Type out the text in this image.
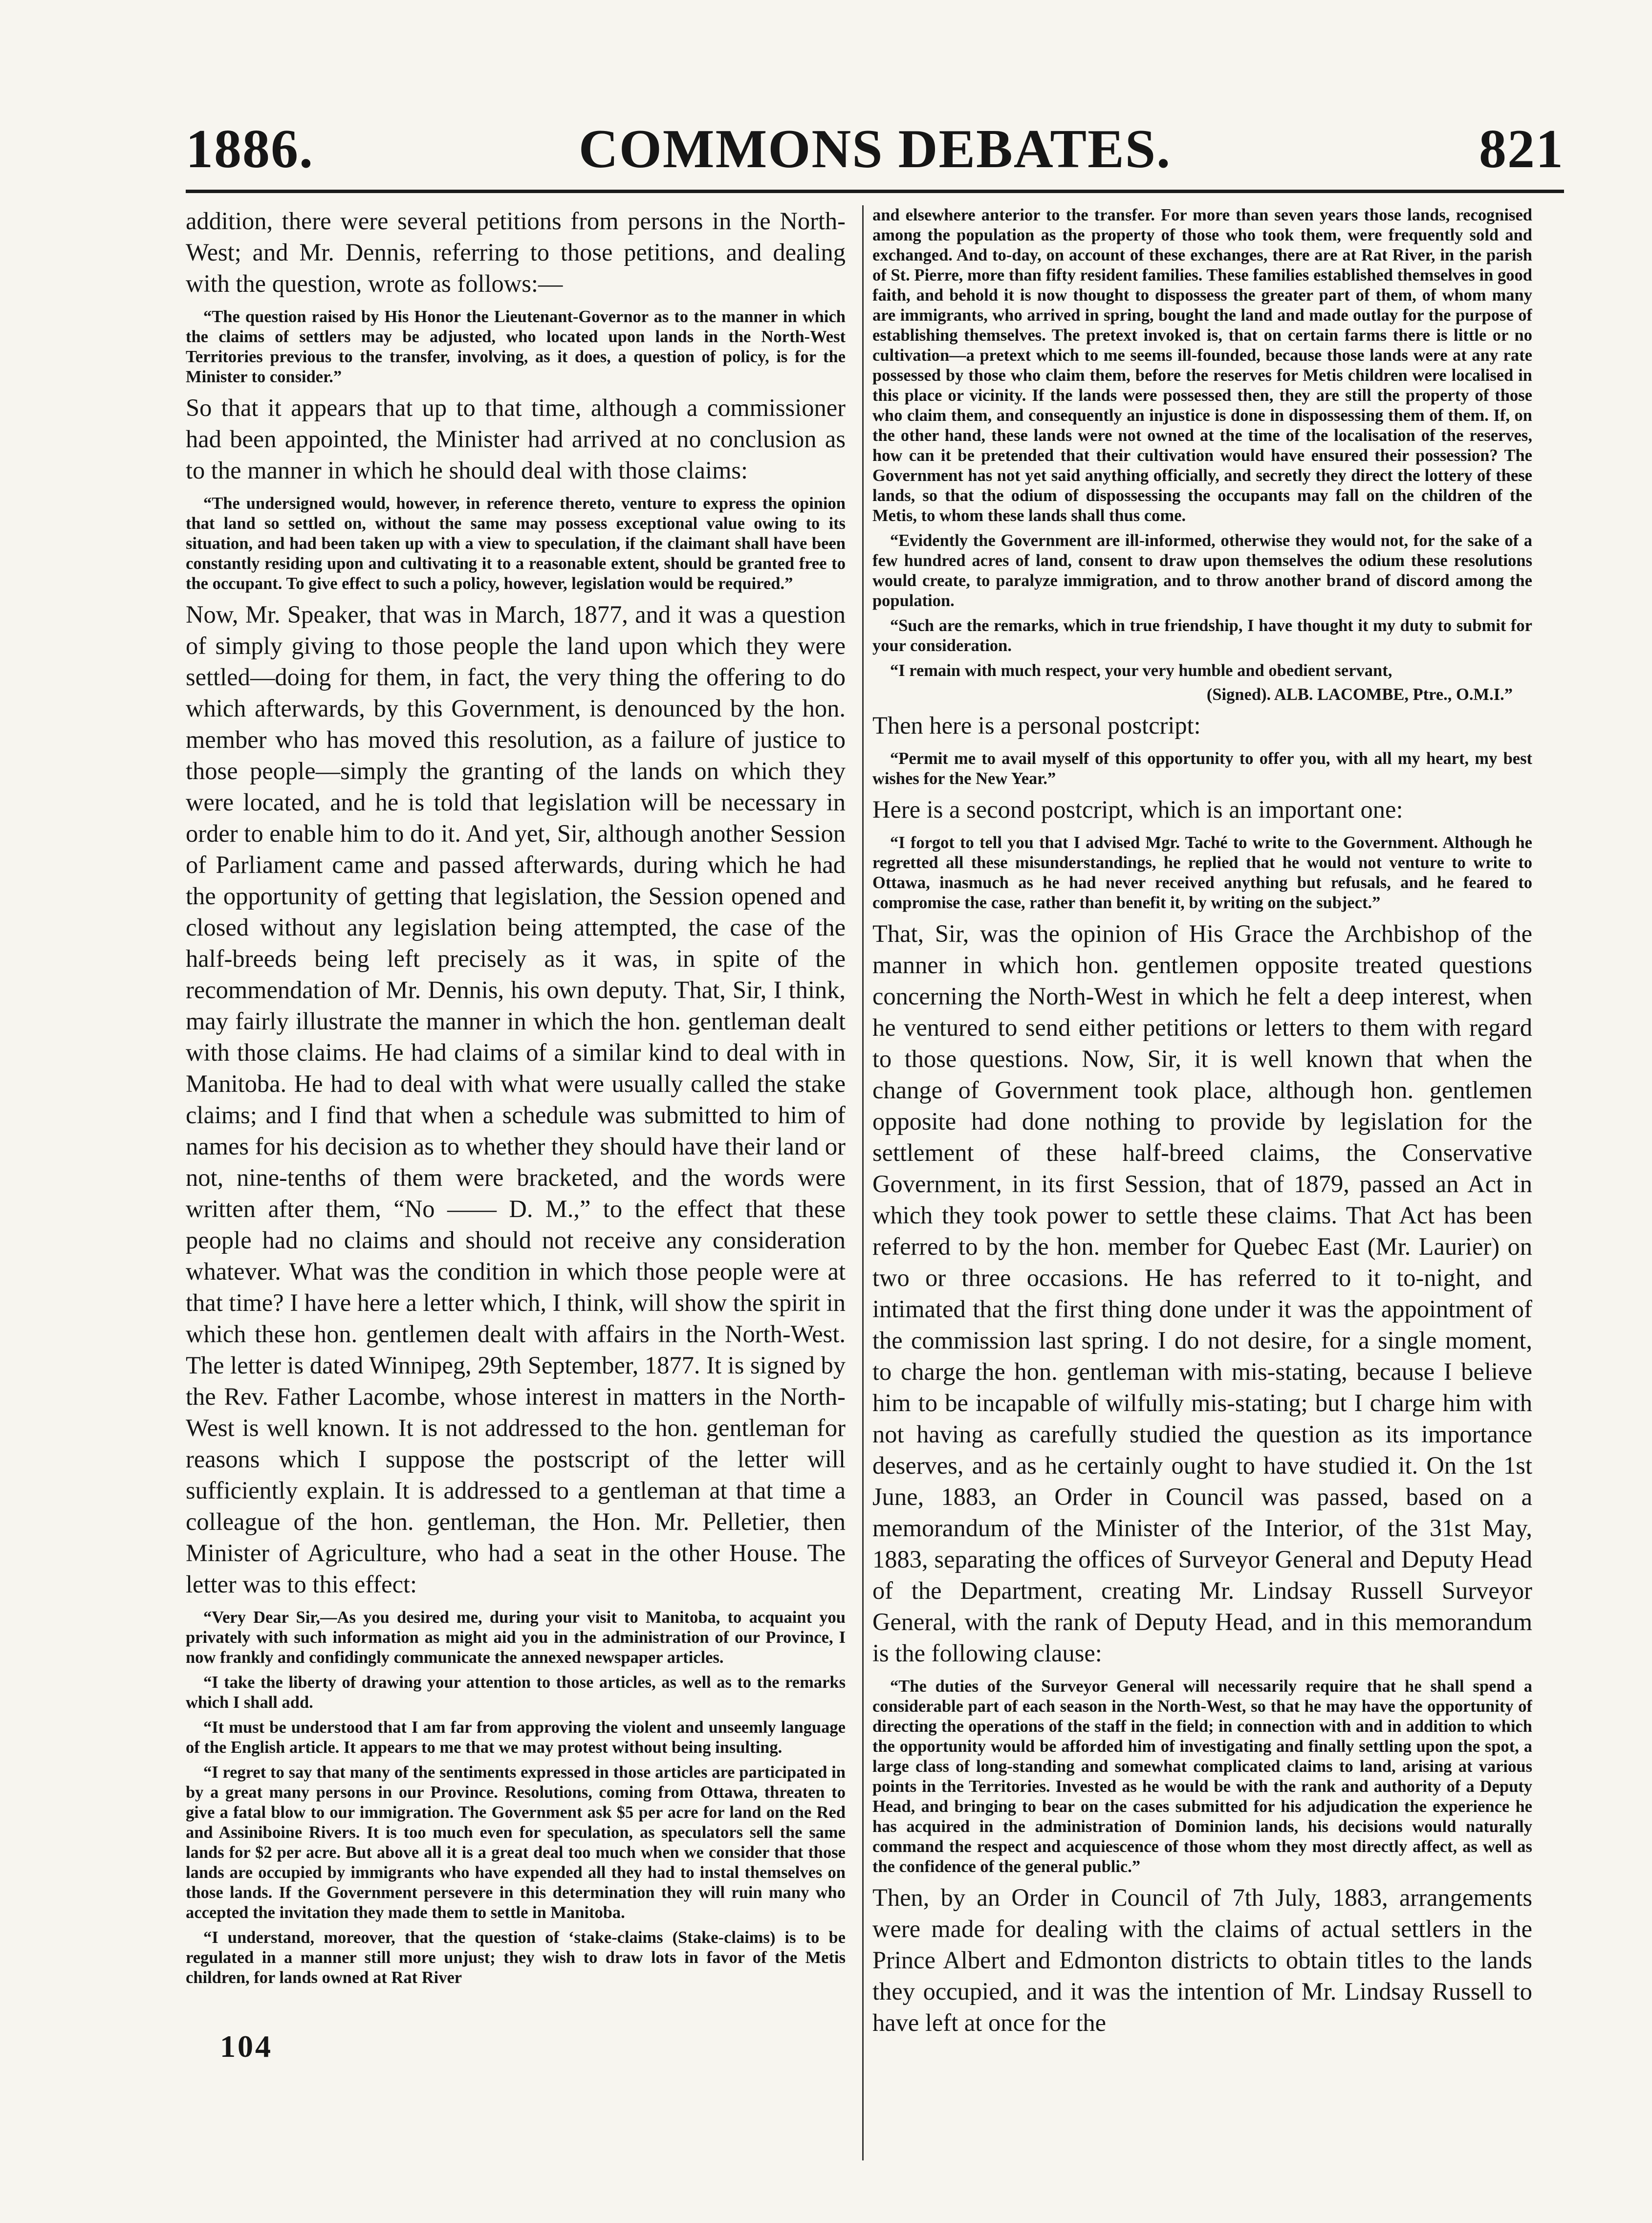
1886.	COMMONS DEBATES.	821

addition, there were several petitions from persons in the North-West; and Mr. Dennis, referring to those petitions, and dealing with the question, wrote as follows:—

“The question raised by His Honor the Lieutenant-Governor as to the manner in which the claims of settlers may be adjusted, who located upon lands in the North-West Territories previous to the transfer, involving, as it does, a question of policy, is for the Minister to consider.”

So that it appears that up to that time, although a commissioner had been appointed, the Minister had arrived at no conclusion as to the manner in which he should deal with those claims:

“The undersigned would, however, in reference thereto, venture to express the opinion that land so settled on, without the same may possess exceptional value owing to its situation, and had been taken up with a view to speculation, if the claimant shall have been constantly residing upon and cultivating it to a reasonable extent, should be granted free to the occupant. To give effect to such a policy, however, legislation would be required.”

Now, Mr. Speaker, that was in March, 1877, and it was a question of simply giving to those people the land upon which they were settled—doing for them, in fact, the very thing the offering to do which afterwards, by this Government, is denounced by the hon. member who has moved this resolution, as a failure of justice to those people—simply the granting of the lands on which they were located, and he is told that legislation will be necessary in order to enable him to do it. And yet, Sir, although another Session of Parliament came and passed afterwards, during which he had the opportunity of getting that legislation, the Session opened and closed without any legislation being attempted, the case of the half-breeds being left precisely as it was, in spite of the recommendation of Mr. Dennis, his own deputy. That, Sir, I think, may fairly illustrate the manner in which the hon. gentleman dealt with those claims. He had claims of a similar kind to deal with in Manitoba. He had to deal with what were usually called the stake claims; and I find that when a schedule was submitted to him of names for his decision as to whether they should have their land or not, nine-tenths of them were bracketed, and the words were written after them, “No —— D. M.,” to the effect that these people had no claims and should not receive any consideration whatever. What was the condition in which those people were at that time? I have here a letter which, I think, will show the spirit in which these hon. gentlemen dealt with affairs in the North-West. The letter is dated Winnipeg, 29th September, 1877. It is signed by the Rev. Father Lacombe, whose interest in matters in the North-West is well known. It is not addressed to the hon. gentleman for reasons which I suppose the postscript of the letter will sufficiently explain. It is addressed to a gentleman at that time a colleague of the hon. gentleman, the Hon. Mr. Pelletier, then Minister of Agriculture, who had a seat in the other House. The letter was to this effect:

“Very Dear Sir,—As you desired me, during your visit to Manitoba, to acquaint you privately with such information as might aid you in the administration of our Province, I now frankly and confidingly communicate the annexed newspaper articles.

“I take the liberty of drawing your attention to those articles, as well as to the remarks which I shall add.

“It must be understood that I am far from approving the violent and unseemly language of the English article. It appears to me that we may protest without being insulting.

“I regret to say that many of the sentiments expressed in those articles are participated in by a great many persons in our Province. Resolutions, coming from Ottawa, threaten to give a fatal blow to our immigration. The Government ask $5 per acre for land on the Red and Assiniboine Rivers. It is too much even for speculation, as speculators sell the same lands for $2 per acre. But above all it is a great deal too much when we consider that those lands are occupied by immigrants who have expended all they had to instal themselves on those lands. If the Government persevere in this determination they will ruin many who accepted the invitation they made them to settle in Manitoba.

“I understand, moreover, that the question of ‘stake-claims (Stake-claims) is to be regulated in a manner still more unjust; they wish to draw lots in favor of the Metis children, for lands owned at Rat River

and elsewhere anterior to the transfer. For more than seven years those lands, recognised among the population as the property of those who took them, were frequently sold and exchanged. And to-day, on account of these exchanges, there are at Rat River, in the parish of St. Pierre, more than fifty resident families. These families established themselves in good faith, and behold it is now thought to dispossess the greater part of them, of whom many are immigrants, who arrived in spring, bought the land and made outlay for the purpose of establishing themselves. The pretext invoked is, that on certain farms there is little or no cultivation—a pretext which to me seems ill-founded, because those lands were at any rate possessed by those who claim them, before the reserves for Metis children were localised in this place or vicinity. If the lands were possessed then, they are still the property of those who claim them, and consequently an injustice is done in dispossessing them of them. If, on the other hand, these lands were not owned at the time of the localisation of the reserves, how can it be pretended that their cultivation would have ensured their possession? The Government has not yet said anything officially, and secretly they direct the lottery of these lands, so that the odium of dispossessing the occupants may fall on the children of the Metis, to whom these lands shall thus come.

“Evidently the Government are ill-informed, otherwise they would not, for the sake of a few hundred acres of land, consent to draw upon themselves the odium these resolutions would create, to paralyze immigration, and to throw another brand of discord among the population.

“Such are the remarks, which in true friendship, I have thought it my duty to submit for your consideration.

“I remain with much respect, your very humble and obedient servant,

(Signed). ALB. LACOMBE, Ptre., O.M.I.”

Then here is a personal postcript:

“Permit me to avail myself of this opportunity to offer you, with all my heart, my best wishes for the New Year.”

Here is a second postcript, which is an important one:

“I forgot to tell you that I advised Mgr. Taché to write to the Government. Although he regretted all these misunderstandings, he replied that he would not venture to write to Ottawa, inasmuch as he had never received anything but refusals, and he feared to compromise the case, rather than benefit it, by writing on the subject.”

That, Sir, was the opinion of His Grace the Archbishop of the manner in which hon. gentlemen opposite treated questions concerning the North-West in which he felt a deep interest, when he ventured to send either petitions or letters to them with regard to those questions. Now, Sir, it is well known that when the change of Government took place, although hon. gentlemen opposite had done nothing to provide by legislation for the settlement of these half-breed claims, the Conservative Government, in its first Session, that of 1879, passed an Act in which they took power to settle these claims. That Act has been referred to by the hon. member for Quebec East (Mr. Laurier) on two or three occasions. He has referred to it to-night, and intimated that the first thing done under it was the appointment of the commission last spring. I do not desire, for a single moment, to charge the hon. gentleman with mis-stating, because I believe him to be incapable of wilfully mis-stating; but I charge him with not having as carefully studied the question as its importance deserves, and as he certainly ought to have studied it. On the 1st June, 1883, an Order in Council was passed, based on a memorandum of the Minister of the Interior, of the 31st May, 1883, separating the offices of Surveyor General and Deputy Head of the Department, creating Mr. Lindsay Russell Surveyor General, with the rank of Deputy Head, and in this memorandum is the following clause:

“The duties of the Surveyor General will necessarily require that he shall spend a considerable part of each season in the North-West, so that he may have the opportunity of directing the operations of the staff in the field; in connection with and in addition to which the opportunity would be afforded him of investigating and finally settling upon the spot, a large class of long-standing and somewhat complicated claims to land, arising at various points in the Territories. Invested as he would be with the rank and authority of a Deputy Head, and bringing to bear on the cases submitted for his adjudication the experience he has acquired in the administration of Dominion lands, his decisions would naturally command the respect and acquiescence of those whom they most directly affect, as well as the confidence of the general public.”

Then, by an Order in Council of 7th July, 1883, arrangements were made for dealing with the claims of actual settlers in the Prince Albert and Edmonton districts to obtain titles to the lands they occupied, and it was the intention of Mr. Lindsay Russell to have left at once for the

104
